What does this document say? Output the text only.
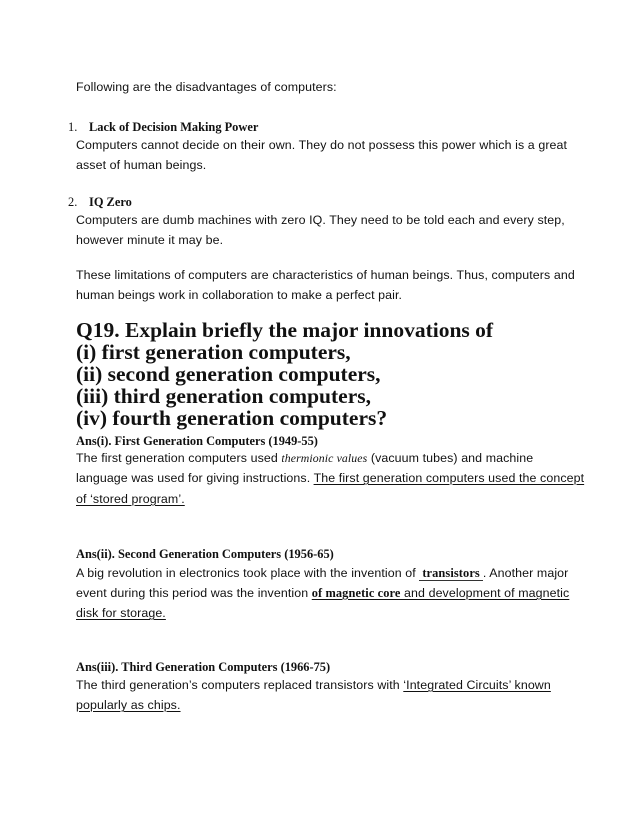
Following are the disadvantages of computers:
1. Lack of Decision Making Power
Computers cannot decide on their own. They do not possess this power which is a great
asset of human beings.
2. IQ Zero
Computers are dumb machines with zero IQ. They need to be told each and every step,
however minute it may be.
These limitations of computers are characteristics of human beings. Thus, computers and
human beings work in collaboration to make a perfect pair.
Q19. Explain briefly the major innovations of
(i) first generation computers,
(ii) second generation computers,
(iii) third generation computers,
(iv) fourth generation computers?
Ans(i). First Generation Computers (1949-55)
The first generation computers used thermionic values (vacuum tubes) and machine
language was used for giving instructions. The first generation computers used the concept
of ‘stored program’.
Ans(ii). Second Generation Computers (1956-65)
A big revolution in electronics took place with the invention of transistors . Another major
event during this period was the invention of magnetic core and development of magnetic
disk for storage.
Ans(iii). Third Generation Computers (1966-75)
The third generation’s computers replaced transistors with ‘Integrated Circuits’ known
popularly as chips.
